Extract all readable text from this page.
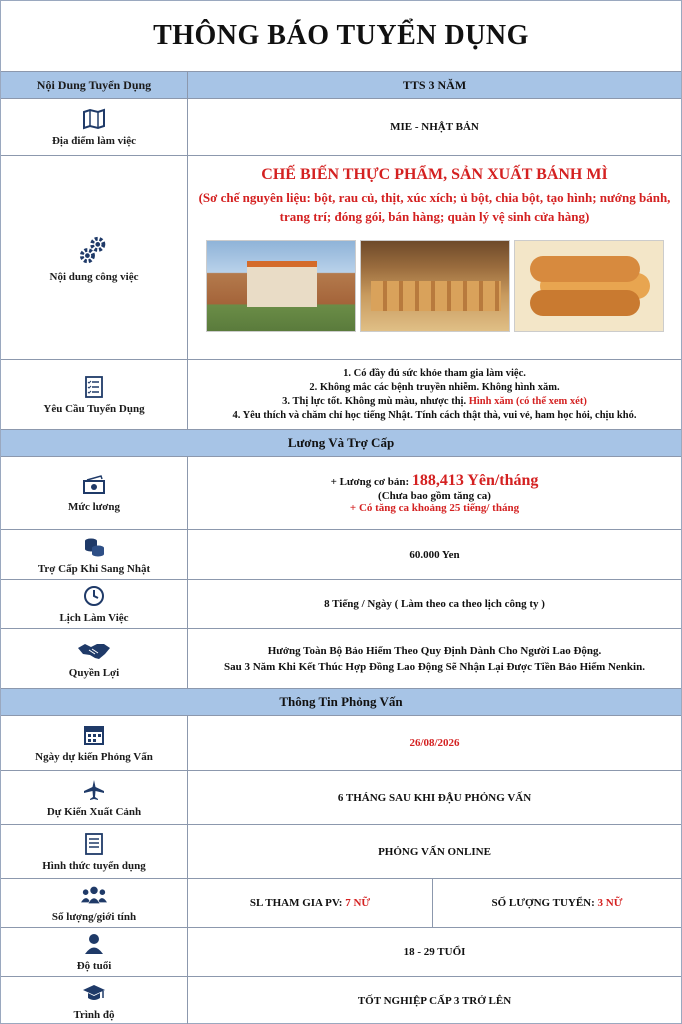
THÔNG BÁO TUYỂN DỤNG
Nội Dung Tuyển Dụng	TTS 3 NĂM
Địa điểm làm việc
MIE - NHẬT BẢN
Nội dung công việc
CHẾ BIẾN THỰC PHẨM, SẢN XUẤT BÁNH MÌ
(Sơ chế nguyên liệu: bột, rau củ, thịt, xúc xích; ủ bột, chia bột, tạo hình; nướng bánh, trang trí; đóng gói, bán hàng; quản lý vệ sinh cửa hàng)
Yêu Cầu Tuyển Dụng
1. Có đầy đủ sức khỏe tham gia làm việc.
2. Không mắc các bệnh truyền nhiễm. Không hình xăm.
3. Thị lực tốt. Không mù màu, nhược thị. Hình xăm (có thể xem xét)
4. Yêu thích và chăm chỉ học tiếng Nhật. Tính cách thật thà, vui vẻ, ham học hỏi, chịu khó.
Lương Và Trợ Cấp
Mức lương
+ Lương cơ bản: 188,413 Yên/tháng
(Chưa bao gồm tăng ca)
+ Có tăng ca khoảng 25 tiếng/ tháng
Trợ Cấp Khi Sang Nhật
60.000 Yen
Lịch Làm Việc
8 Tiếng / Ngày ( Làm theo ca theo lịch công ty )
Quyền Lợi
Hưởng Toàn Bộ Bảo Hiểm Theo Quy Định Dành Cho Người Lao Động.
Sau 3 Năm Khi Kết Thúc Hợp Đồng Lao Động Sẽ Nhận Lại Được Tiền Bảo Hiểm Nenkin.
Thông Tin Phỏng Vấn
Ngày dự kiến Phỏng Vấn
26/08/2026
Dự Kiến Xuất Cảnh
6 THÁNG SAU KHI ĐẬU PHỎNG VẤN
Hình thức tuyển dụng
PHỎNG VẤN ONLINE
Số lượng/giới tính
SL THAM GIA PV:
7 NỮ	SỐ LƯỢNG TUYỂN:
3 NỮ
Độ tuổi
18 - 29 TUỔI
Trình độ
TỐT NGHIỆP CẤP 3 TRỞ LÊN
